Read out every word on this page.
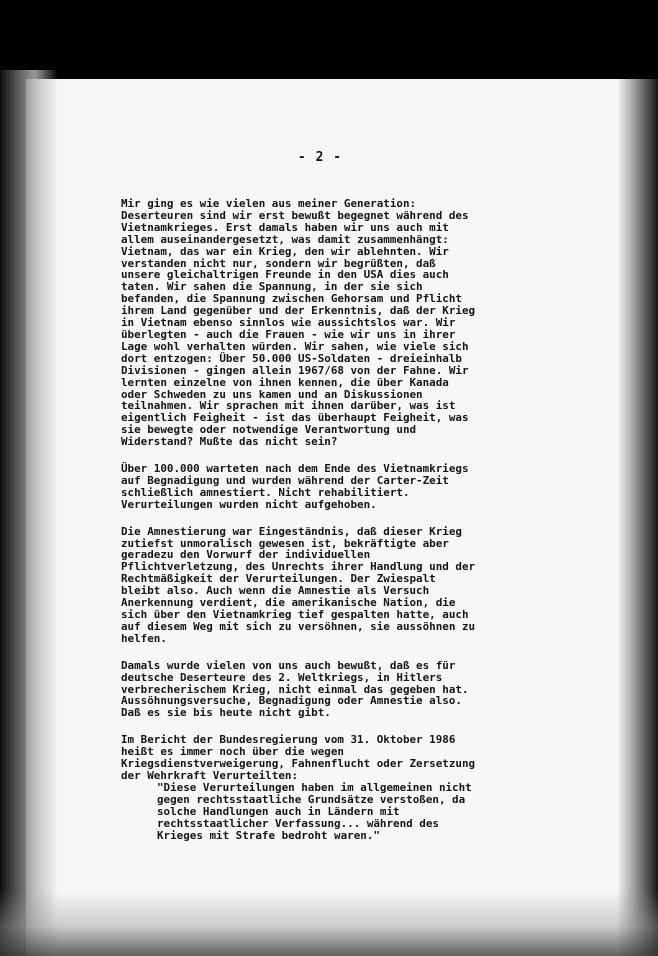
- 2 -

Mir ging es wie vielen aus meiner Generation:
Deserteuren sind wir erst bewußt begegnet während des
Vietnamkrieges. Erst damals haben wir uns auch mit
allem auseinandergesetzt, was damit zusammenhängt:
Vietnam, das war ein Krieg, den wir ablehnten. Wir
verstanden nicht nur, sondern wir begrüßten, daß
unsere gleichaltrigen Freunde in den USA dies auch
taten. Wir sahen die Spannung, in der sie sich
befanden, die Spannung zwischen Gehorsam und Pflicht
ihrem Land gegenüber und der Erkenntnis, daß der Krieg
in Vietnam ebenso sinnlos wie aussichtslos war. Wir
überlegten - auch die Frauen - wie wir uns in ihrer
Lage wohl verhalten würden. Wir sahen, wie viele sich
dort entzogen: Über 50.000 US-Soldaten - dreieinhalb
Divisionen - gingen allein 1967/68 von der Fahne. Wir
lernten einzelne von ihnen kennen, die über Kanada
oder Schweden zu uns kamen und an Diskussionen
teilnahmen. Wir sprachen mit ihnen darüber, was ist
eigentlich Feigheit - ist das überhaupt Feigheit, was
sie bewegte oder notwendige Verantwortung und
Widerstand? Mußte das nicht sein?

Über 100.000 warteten nach dem Ende des Vietnamkriegs
auf Begnadigung und wurden während der Carter-Zeit
schließlich amnestiert. Nicht rehabilitiert.
Verurteilungen wurden nicht aufgehoben.

Die Amnestierung war Eingeständnis, daß dieser Krieg
zutiefst unmoralisch gewesen ist, bekräftigte aber
geradezu den Vorwurf der individuellen
Pflichtverletzung, des Unrechts ihrer Handlung und der
Rechtmäßigkeit der Verurteilungen. Der Zwiespalt
bleibt also. Auch wenn die Amnestie als Versuch
Anerkennung verdient, die amerikanische Nation, die
sich über den Vietnamkrieg tief gespalten hatte, auch
auf diesem Weg mit sich zu versöhnen, sie aussöhnen zu
helfen.

Damals wurde vielen von uns auch bewußt, daß es für
deutsche Deserteure des 2. Weltkriegs, in Hitlers
verbrecherischem Krieg, nicht einmal das gegeben hat.
Aussöhnungsversuche, Begnadigung oder Amnestie also.
Daß es sie bis heute nicht gibt.

Im Bericht der Bundesregierung vom 31. Oktober 1986
heißt es immer noch über die wegen
Kriegsdienstverweigerung, Fahnenflucht oder Zersetzung
der Wehrkraft Verurteilten:

"Diese Verurteilungen haben im allgemeinen nicht
gegen rechtsstaatliche Grundsätze verstoßen, da
solche Handlungen auch in Ländern mit
rechtsstaatlicher Verfassung... während des
Krieges mit Strafe bedroht waren."
